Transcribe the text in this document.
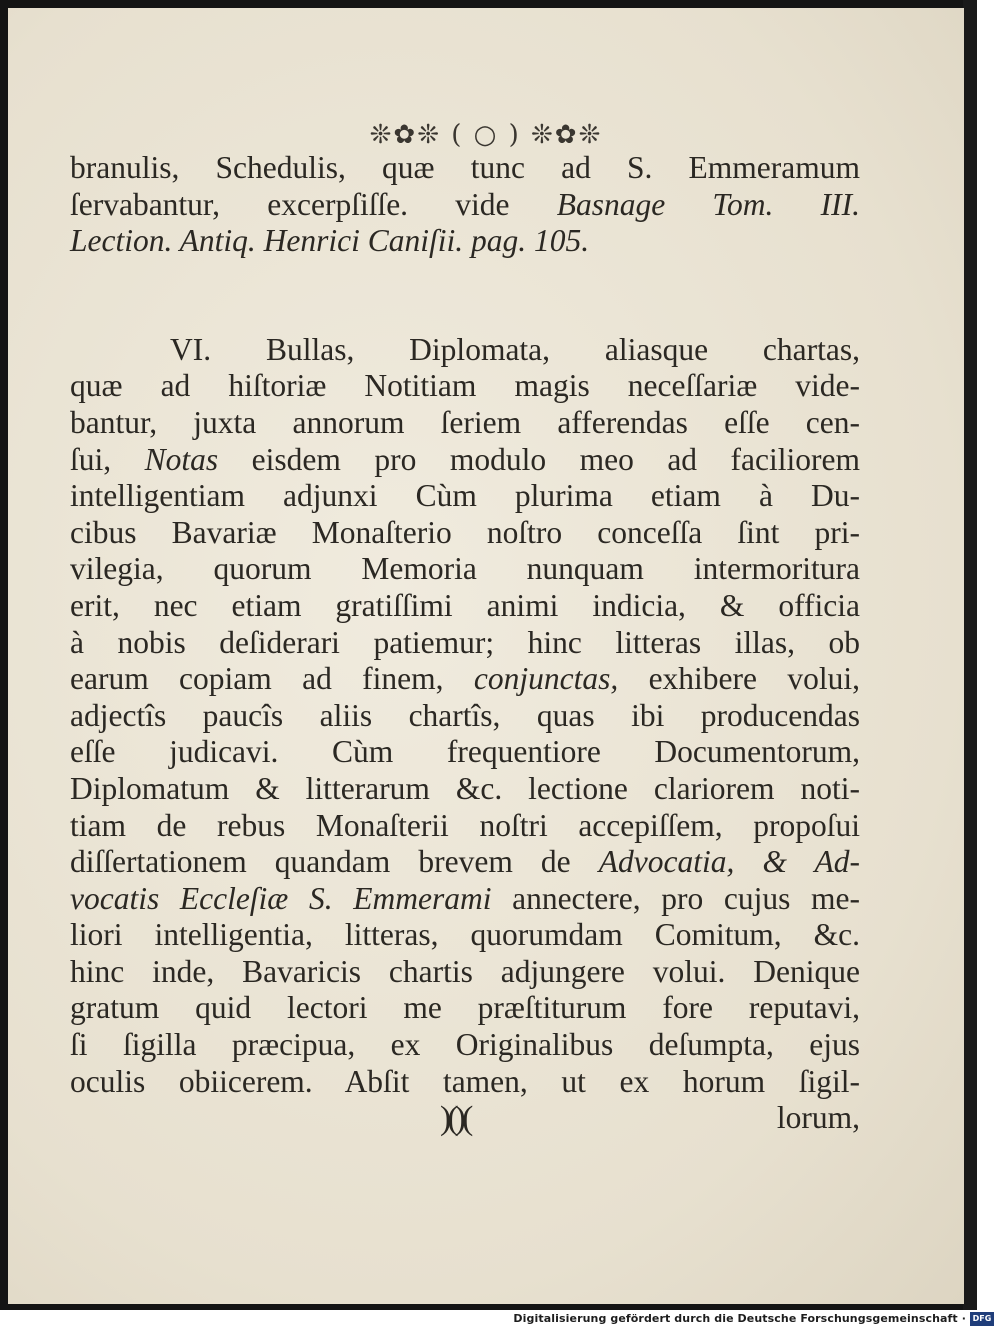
❊✿❊ ( ○ ) ❊✿❊
branulis, Schedulis, quæ tunc ad S. Emmeramum
ſervabantur, excerpſiſſe. vide Basnage Tom. III.
Lection. Antiq. Henrici Caniſii. pag. 105.
VI. Bullas, Diplomata, aliasque chartas,
quæ ad hiſtoriæ Notitiam magis neceſſariæ vide-
bantur, juxta annorum ſeriem afferendas eſſe cen-
ſui, Notas eisdem pro modulo meo ad faciliorem
intelligentiam adjunxi Cùm plurima etiam à Du-
cibus Bavariæ Monaſterio noſtro conceſſa ſint pri-
vilegia, quorum Memoria nunquam intermoritura
erit, nec etiam gratiſſimi animi indicia, & officia
à nobis deſiderari patiemur; hinc litteras illas, ob
earum copiam ad finem, conjunctas, exhibere volui,
adjectîs paucîs aliis chartîs, quas ibi producendas
eſſe judicavi. Cùm frequentiore Documentorum,
Diplomatum & litterarum &c. lectione clariorem noti-
tiam de rebus Monaſterii noſtri accepiſſem, propoſui
diſſertationem quandam brevem de Advocatia, & Ad-
vocatis Eccleſiæ S. Emmerami annectere, pro cujus me-
liori intelligentia, litteras, quorumdam Comitum, &c.
hinc inde, Bavaricis chartis adjungere volui. Denique
gratum quid lectori me præſtiturum fore reputavi,
ſi ſigilla præcipua, ex Originalibus deſumpta, ejus
oculis obiicerem. Abſit tamen, ut ex horum ſigil-
)()(	lorum,
Digitalisierung gefördert durch die Deutsche Forschungsgemeinschaft · DFG
